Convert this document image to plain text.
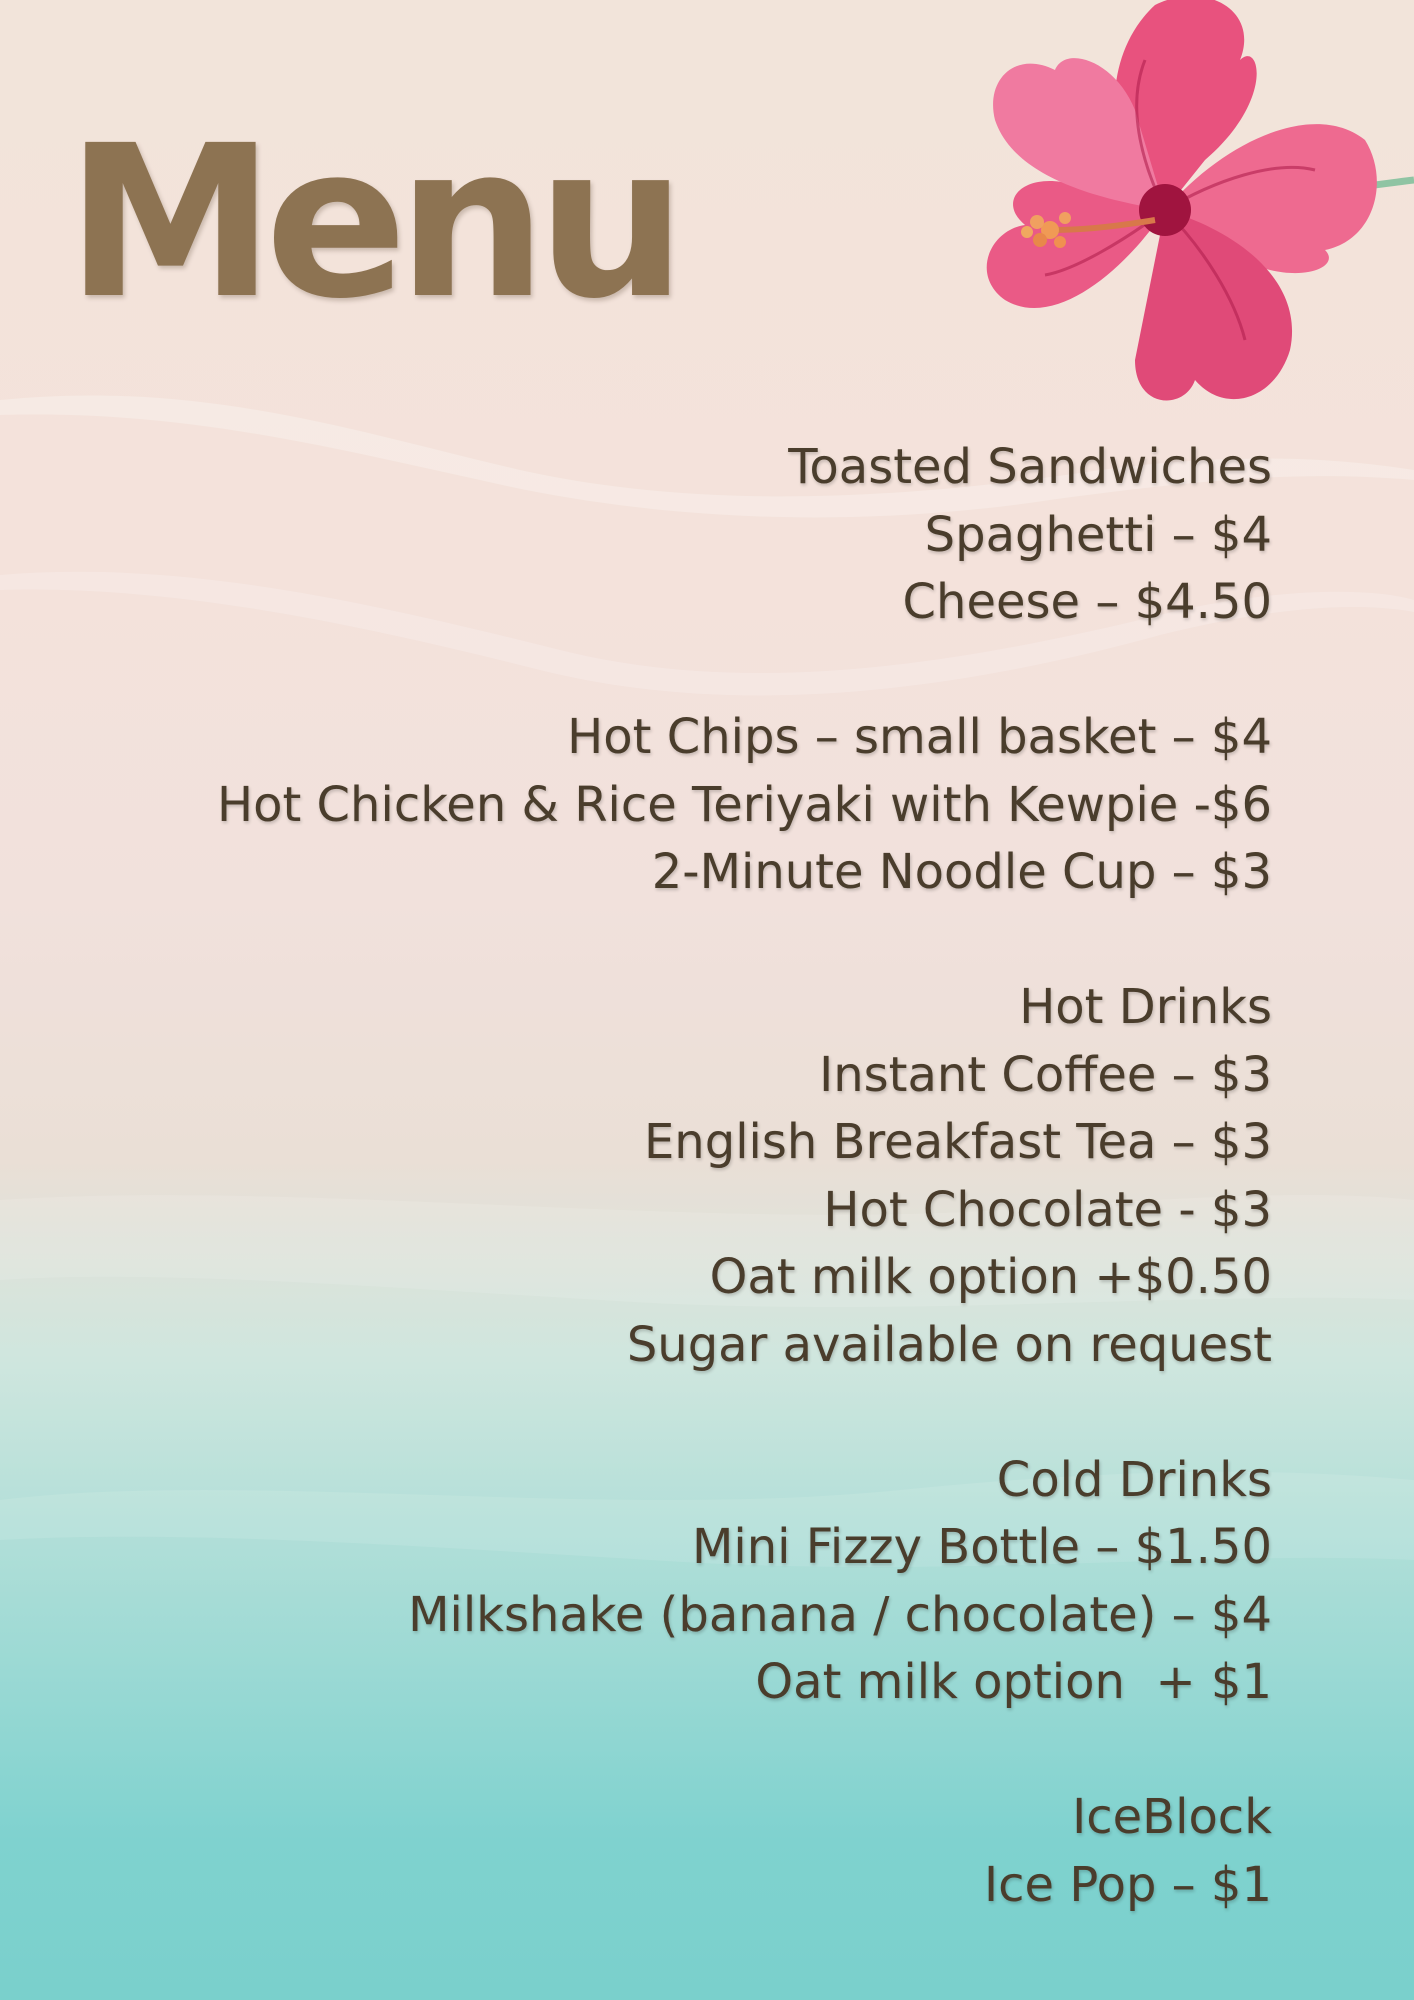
Menu
Toasted Sandwiches
Spaghetti – $4
Cheese – $4.50
Hot Chips – small basket – $4
Hot Chicken & Rice Teriyaki with Kewpie -$6
2-Minute Noodle Cup – $3
Hot Drinks
Instant Coffee – $3
English Breakfast Tea – $3
Hot Chocolate - $3
Oat milk option +$0.50
Sugar available on request
Cold Drinks
Mini Fizzy Bottle – $1.50
Milkshake (banana / chocolate) – $4
Oat milk option  + $1
IceBlock
Ice Pop – $1
